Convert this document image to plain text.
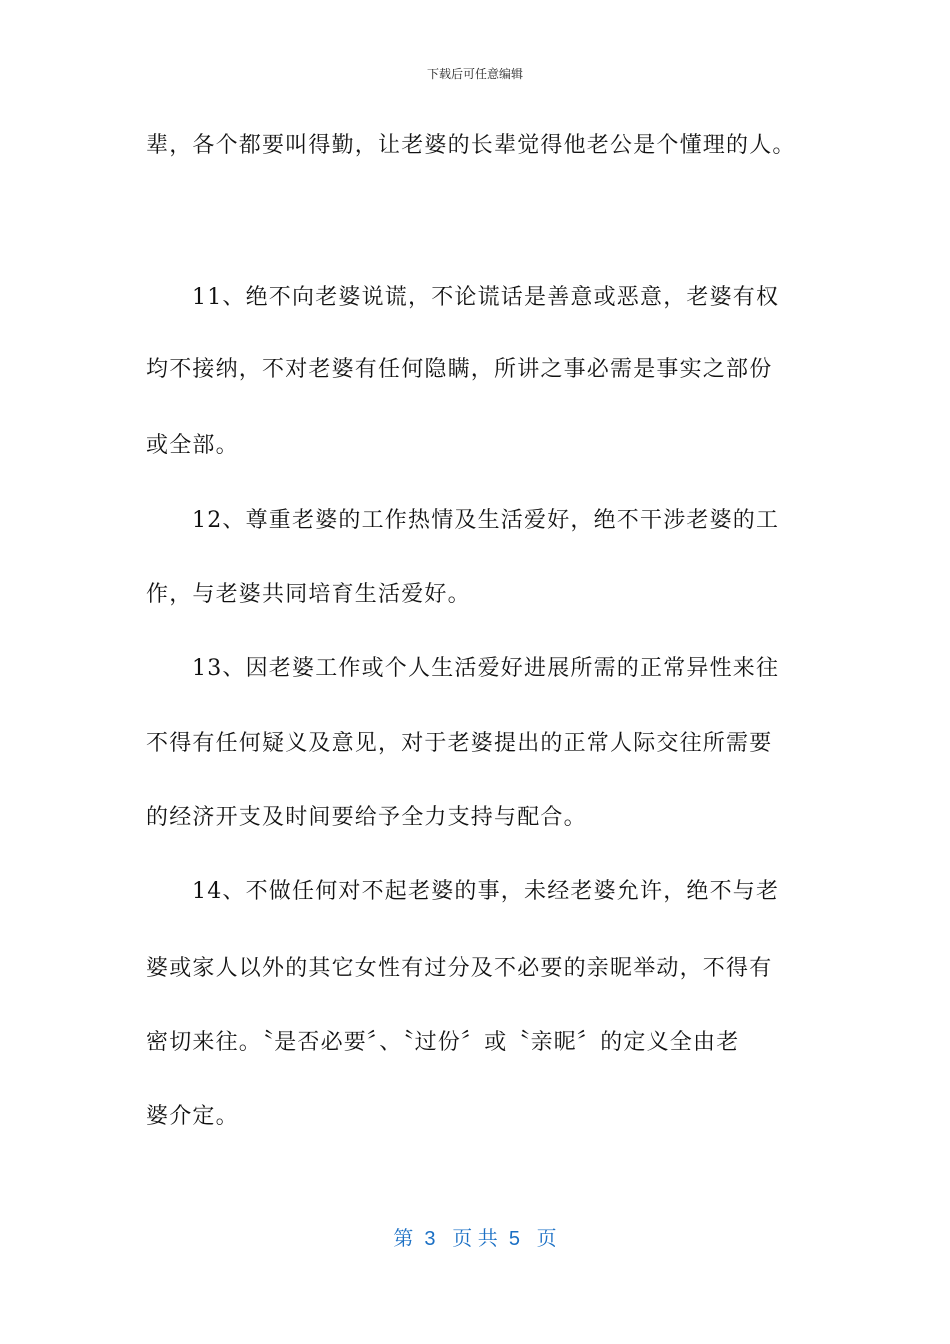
下载后可任意编辑
辈，各个都要叫得勤，让老婆的长辈觉得他老公是个懂理的人。
11、绝不向老婆说谎，不论谎话是善意或恶意，老婆有权
均不接纳，不对老婆有任何隐瞒，所讲之事必需是事实之部份
或全部。
12、尊重老婆的工作热情及生活爱好，绝不干涉老婆的工
作，与老婆共同培育生活爱好。
13、因老婆工作或个人生活爱好进展所需的正常异性来往
不得有任何疑义及意见，对于老婆提出的正常人际交往所需要
的经济开支及时间要给予全力支持与配合。
14、不做任何对不起老婆的事，未经老婆允许，绝不与老
婆或家人以外的其它女性有过分及不必要的亲昵举动，不得有
密切来往。〝是否必要〞、〝过份〞或〝亲昵〞的定义全由老
婆介定。
第  3   页 共  5   页
